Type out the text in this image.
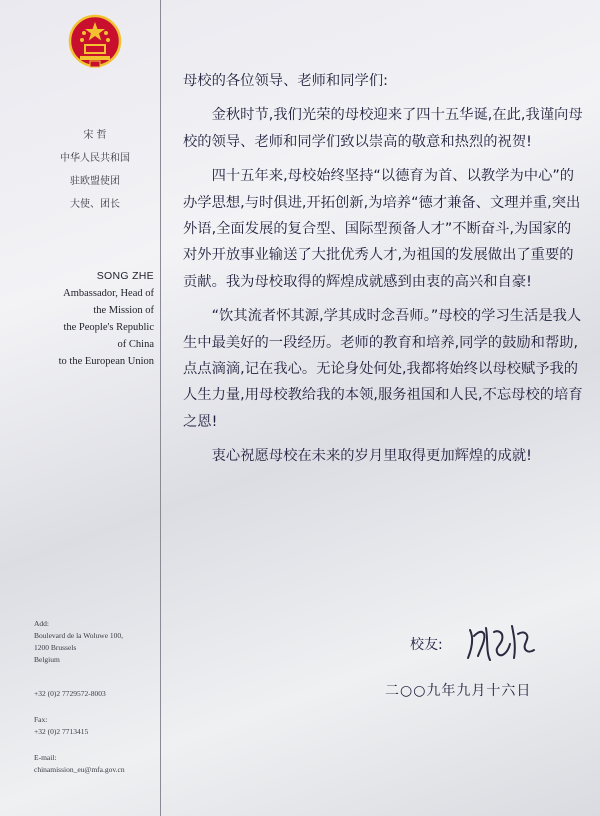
宋 哲
中华人民共和国
驻欧盟使团
大使、团长
SONG ZHE
Ambassador, Head of
the Mission of
the People's Republic
of China
to the European Union
Add:
Boulevard de la Woluwe 100,
1200 Brussels
Belgium
+32 (0)2 7729572-8003
Fax:
+32 (0)2 7713415
E-mail:
chinamission_eu@mfa.gov.cn

母校的各位领导、老师和同学们:

金秋时节,我们光荣的母校迎来了四十五华诞,在此,我谨向母校的领导、老师和同学们致以崇高的敬意和热烈的祝贺!

四十五年来,母校始终坚持“以德育为首、以教学为中心”的办学思想,与时俱进,开拓创新,为培养“德才兼备、文理并重,突出外语,全面发展的复合型、国际型预备人才”不断奋斗,为国家的对外开放事业输送了大批优秀人才,为祖国的发展做出了重要的贡献。我为母校取得的辉煌成就感到由衷的高兴和自豪!

“饮其流者怀其源,学其成时念吾师。”母校的学习生活是我人生中最美好的一段经历。老师的教育和培养,同学的鼓励和帮助,点点滴滴,记在我心。无论身处何处,我都将始终以母校赋予我的人生力量,用母校教给我的本领,服务祖国和人民,不忘母校的培育之恩!

衷心祝愿母校在未来的岁月里取得更加辉煌的成就!

校友:
二○○九年九月十六日
